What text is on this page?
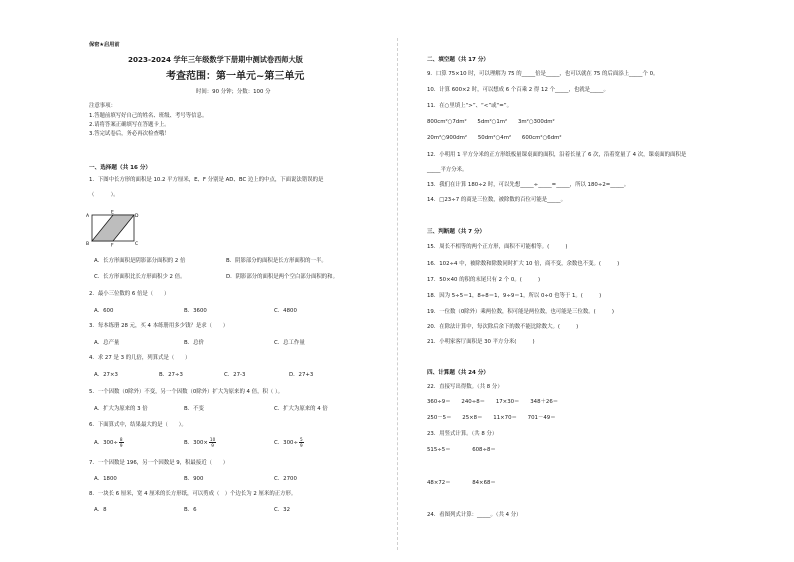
保密★启用前
2023-2024 学年三年级数学下册期中测试卷西师大版
考查范围：第一单元~第三单元
时间：90 分钟；分数：100 分
注意事项：
1.答题前填写好自己的姓名、班级、考号等信息。
2.请将答案正确填写在答题卡上。
3.答完试卷后，务必再次检查哦！
一、选择题（共 16 分）
1．下图中长方形的面积是 10.2 平方厘米，E、F 分别是 AD、BC 边上的中点，下面说法错误的是
（　　　）。
A
E
D
B	F	C
A．长方形面积是阴影部分面积的 2 倍	B．阴影部分的面积是长方形面积的一半。
C．长方形面积比长方形面积少 2 倍。	D．阴影部分的面积是两个空白部分面积的和。
2．最小三位数的 6 倍是（　　）
A．600	B．3600	C．4800
3．每本练册 28 元，买 4 本练册用多少钱？是求（　　）
A．总产量	B．总价	C．总工作量
4．求 27 是 3 的几倍，列算式是（　　）
A．27×3	B．27÷3	C．27-3	D．27+3
5．一个因数（0除外）不变，另一个因数（0除外）扩大为原来的 4 倍，积（ ）。
A．扩大为原来的 3 倍	B．不变	C．扩大为原来的 4 倍
6．下面算式中，结果最大的是（　　）。
A．$300\div \frac{8}{9}$	B．$300\times \frac{10}{9}$	C．$300\div \frac{5}{9}$
7．一个因数是 196，另一个因数是 9，积最接近（　　）
A．1800	B．900	C．2700
8．一块长 6 厘米，宽 4 厘米的长方形纸，可以剪成（　）个边长为 2 厘米的正方形。
A．8	B．6	C．32
二、填空题（共 17 分）
9．口算 75×10 时，可以理解为 75 的_____倍是_____，也可以就在 75 的后面添上_____个 0。
10．计算 600×2 时，可以想成 6 个百乘 2 得 12 个_____，也就是_____。
11．在○里填上“>”、“<”或“=”。
800cm²○7dm²　　5dm²○1m²　　3m²○300dm²
20m²○900dm²　　50dm²○4m²　　600cm²○6dm²
12．小明用 1 平方分米的正方形纸板量课桌面的面积，沿着长量了 6 次，沿着宽量了 4 次，课桌面的面积是
_____平方分米。
13．我们在计算 180÷2 时，可以先想_____÷_____=_____，所以 180÷2=_____。
14．□23÷7 的商是三位数，被除数的百位可能是_____。
三、判断题（共 7 分）
15．周长不相等的两个正方形，面积不可能相等。(　　　)
16．102÷4 中，被除数和除数同时扩大 10 倍，商不变，余数也不变。(　　　)
17．50×40 的积的末尾只有 2 个 0。(　　　)
18．因为 5÷5＝1，8÷8＝1，9÷9＝1，所以 0÷0 也等于 1。(　　　)
19．一位数（0除外）乘两位数，积可能是两位数，也可能是三位数。(　　　)
20．在除法计算中，每次除后余下的数不能比除数大。(　　　)
21．小明家客厅面积是 30 平方分米(　　　)
四、计算题（共 24 分）
22．直接写出得数。（共 8 分）
360÷9＝　　240÷8＝　　17×30＝　　348＋26＝
250－5＝　　25×8＝　　11×70＝　　701－49＝
23．用竖式计算。（共 8 分）
515÷5＝　　　　608÷8＝
48×72＝　　　　84×68＝
24．看图列式计算：_____。（共 4 分）
